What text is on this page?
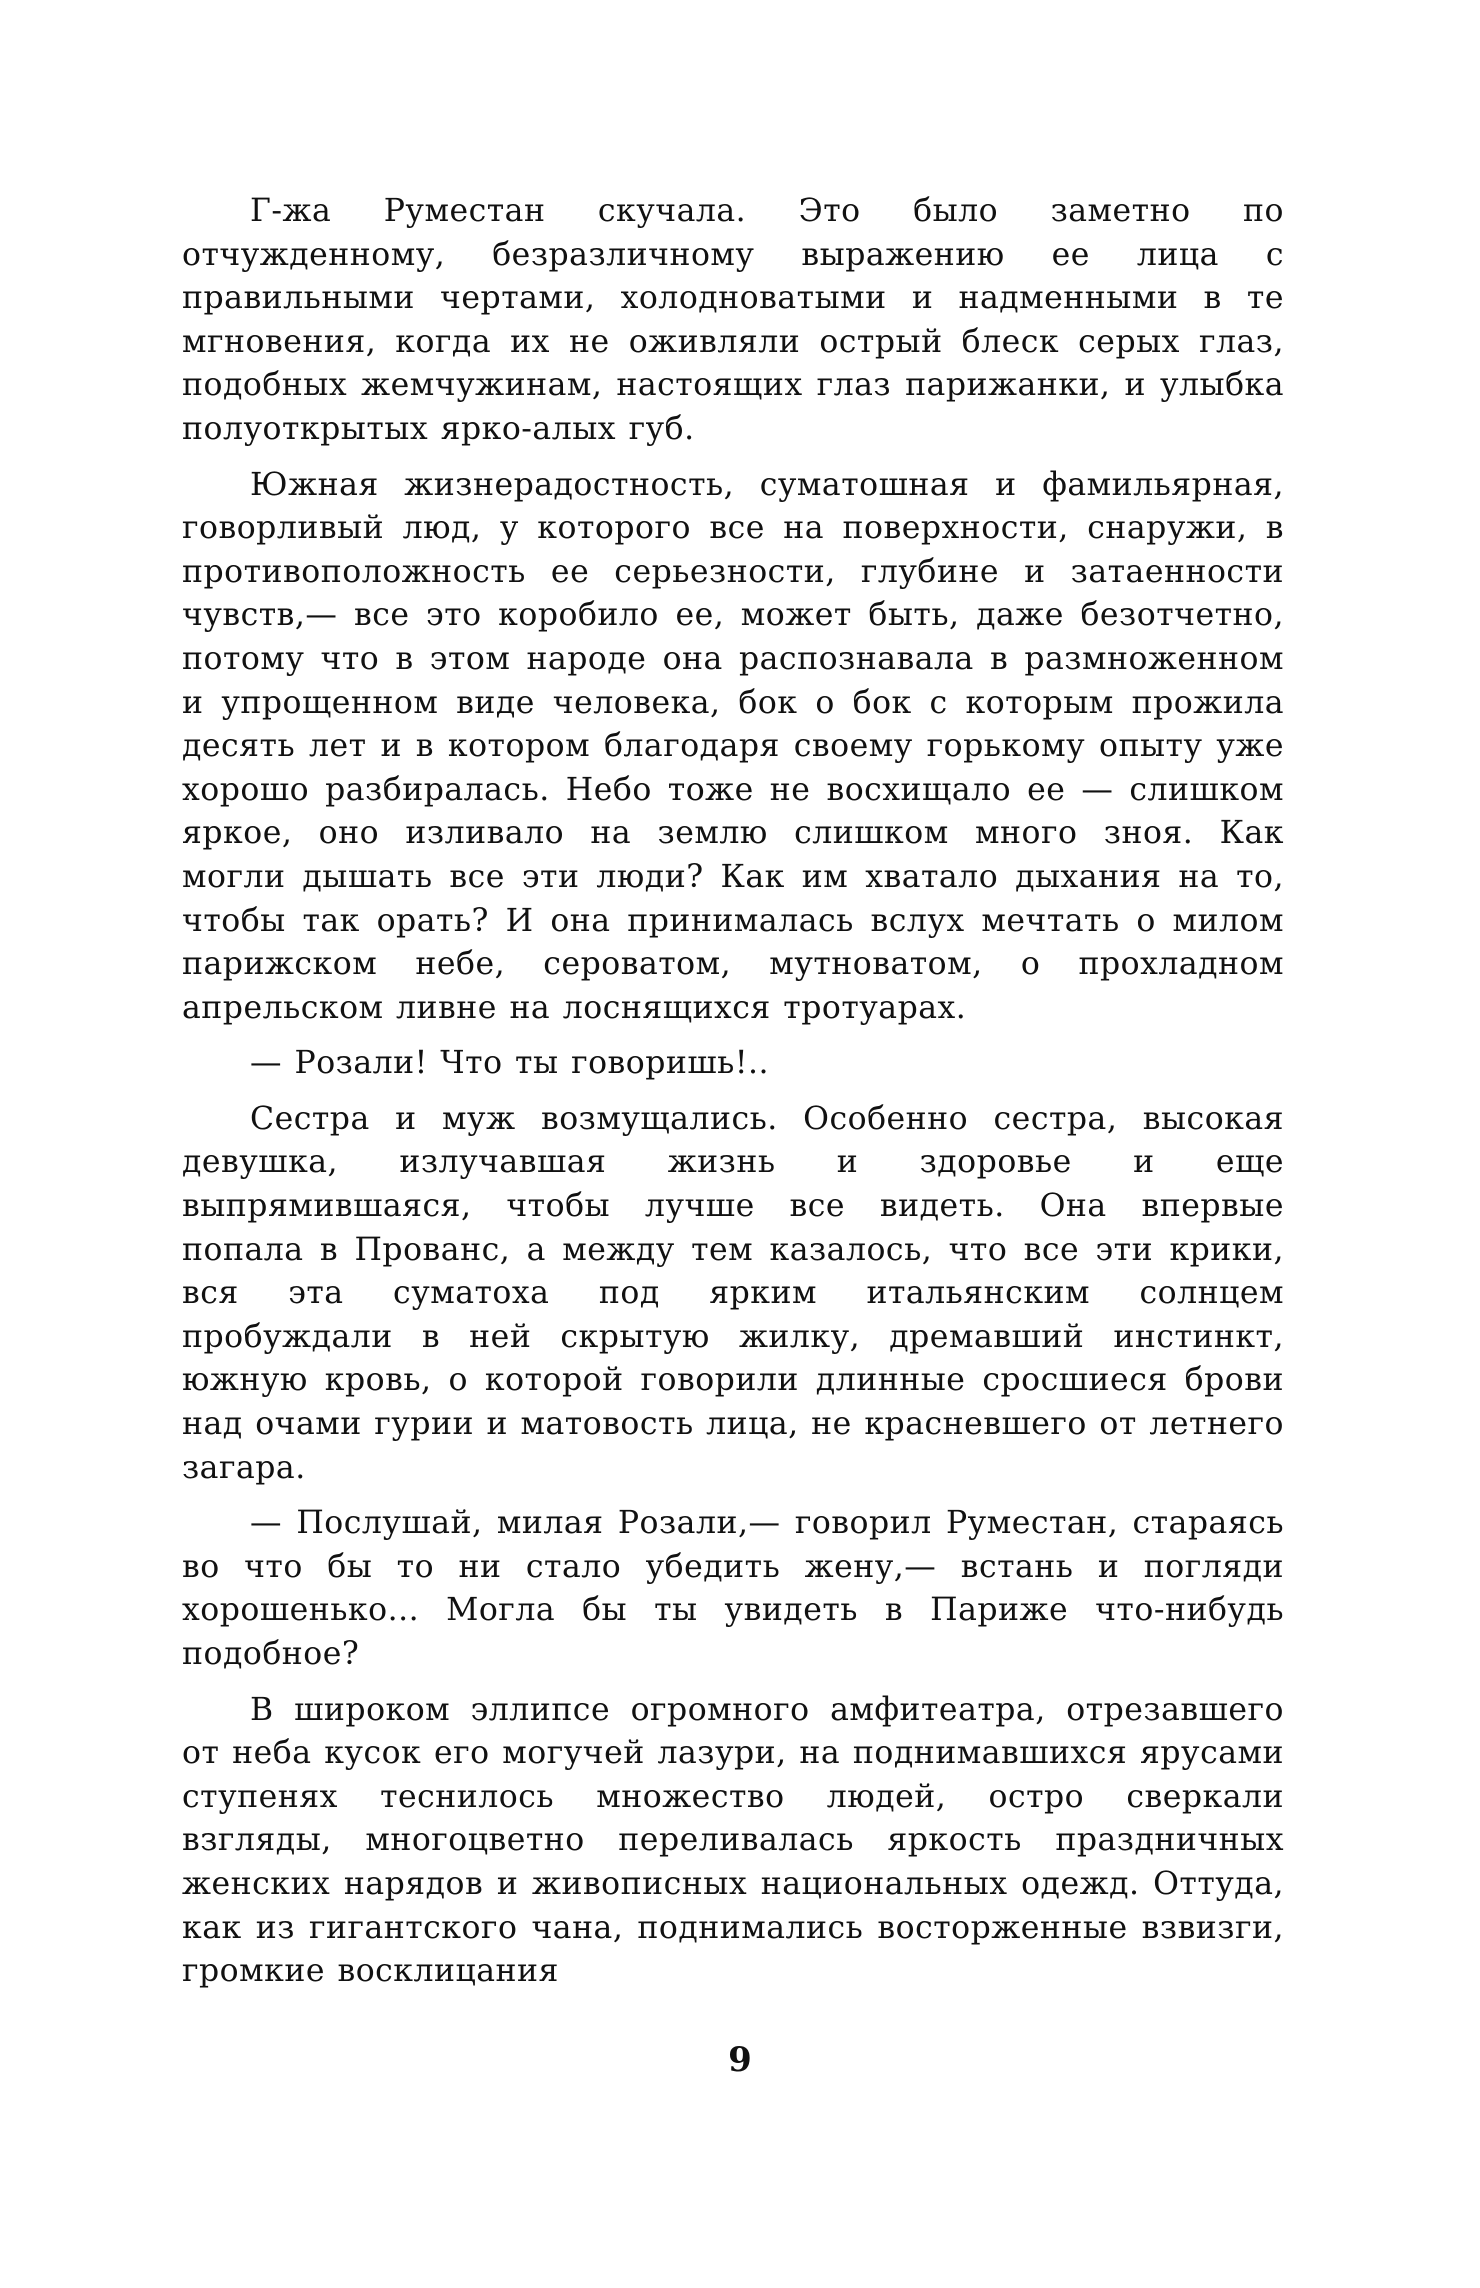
Г-жа Руместан скучала. Это было заметно по отчужденному, безразличному выражению ее лица с правильными чертами, холодноватыми и надменными в те мгновения, когда их не оживляли острый блеск серых глаз, подобных жемчужинам, настоящих глаз парижанки, и улыбка полуоткрытых ярко-алых губ.

Южная жизнерадостность, суматошная и фамильярная, говорливый люд, у которого все на поверхности, снаружи, в противоположность ее серьезности, глубине и затаенности чувств,— все это коробило ее, может быть, даже безотчетно, потому что в этом народе она распознавала в размноженном и упрощенном виде человека, бок о бок с которым прожила десять лет и в котором благодаря своему горькому опыту уже хорошо разбиралась. Небо тоже не восхищало ее — слишком яркое, оно изливало на землю слишком много зноя. Как могли дышать все эти люди? Как им хватало дыхания на то, чтобы так орать? И она принималась вслух мечтать о милом парижском небе, сероватом, мутноватом, о прохладном апрельском ливне на лоснящихся тротуарах.

— Розали! Что ты говоришь!..

Сестра и муж возмущались. Особенно сестра, высокая девушка, излучавшая жизнь и здоровье и еще выпрямившаяся, чтобы лучше все видеть. Она впервые попала в Прованс, а между тем казалось, что все эти крики, вся эта суматоха под ярким итальянским солнцем пробуждали в ней скрытую жилку, дремавший инстинкт, южную кровь, о которой говорили длинные сросшиеся брови над очами гурии и матовость лица, не красневшего от летнего загара.

— Послушай, милая Розали,— говорил Руместан, стараясь во что бы то ни стало убедить жену,— встань и погляди хорошенько... Могла бы ты увидеть в Париже что-нибудь подобное?

В широком эллипсе огромного амфитеатра, отрезавшего от неба кусок его могучей лазури, на поднимавшихся ярусами ступенях теснилось множество людей, остро сверкали взгляды, многоцветно переливалась яркость праздничных женских нарядов и живописных национальных одежд. Оттуда, как из гигантского чана, поднимались восторженные взвизги, громкие восклицания

9
